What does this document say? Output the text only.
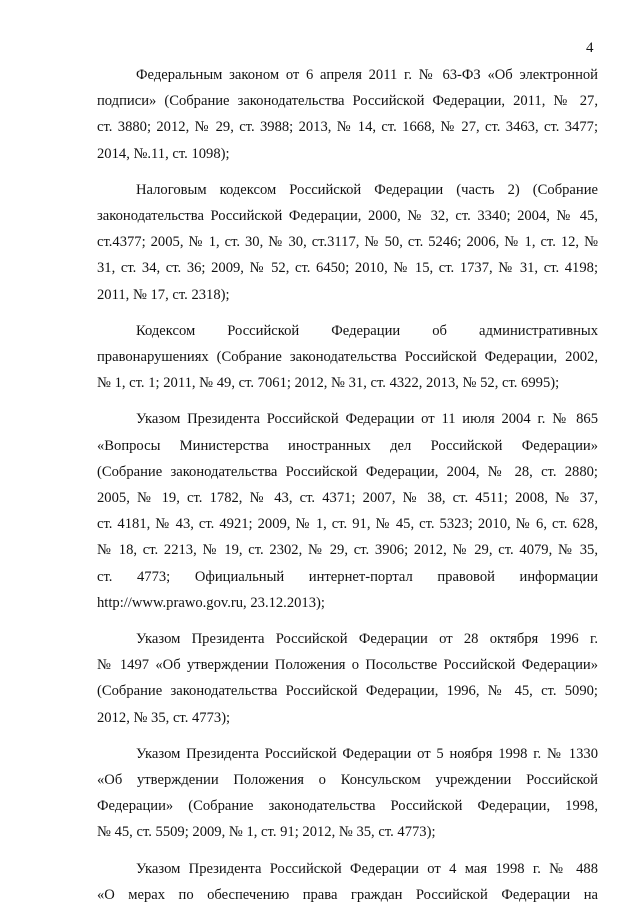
4

Федеральным законом от 6 апреля 2011 г. № 63-ФЗ «Об электронной
подписи» (Собрание законодательства Российской Федерации, 2011, № 27,
ст. 3880; 2012, № 29, ст. 3988; 2013, № 14, ст. 1668, № 27, ст. 3463, ст. 3477;
2014, №.11, ст. 1098);

Налоговым кодексом Российской Федерации (часть 2) (Собрание
законодательства Российской Федерации, 2000, № 32, ст. 3340; 2004, № 45,
ст.4377; 2005, № 1, ст. 30, № 30, ст.3117, № 50, ст. 5246; 2006, № 1, ст. 12, №
31, ст. 34, ст. 36; 2009, № 52, ст. 6450; 2010, № 15, ст. 1737, № 31, ст. 4198;
2011, № 17, ст. 2318);

Кодексом Российской Федерации об административных
правонарушениях (Собрание законодательства Российской Федерации, 2002,
№ 1, ст. 1; 2011, № 49, ст. 7061; 2012, № 31, ст. 4322, 2013, № 52, ст. 6995);

Указом Президента Российской Федерации от 11 июля 2004 г. № 865
«Вопросы Министерства иностранных дел Российской Федерации»
(Собрание законодательства Российской Федерации, 2004, № 28, ст. 2880;
2005, № 19, ст. 1782, № 43, ст. 4371; 2007, № 38, ст. 4511; 2008, № 37,
ст. 4181, № 43, ст. 4921; 2009, № 1, ст. 91, № 45, ст. 5323; 2010, № 6, ст. 628,
№ 18, ст. 2213, № 19, ст. 2302, № 29, ст. 3906; 2012, № 29, ст. 4079, № 35,
ст. 4773; Официальный интернет-портал правовой информации
http://www.prawo.gov.ru, 23.12.2013);

Указом Президента Российской Федерации от 28 октября 1996 г.
№ 1497 «Об утверждении Положения о Посольстве Российской Федерации»
(Собрание законодательства Российской Федерации, 1996, № 45, ст. 5090;
2012, № 35, ст. 4773);

Указом Президента Российской Федерации от 5 ноября 1998 г. № 1330
«Об утверждении Положения о Консульском учреждении Российской
Федерации» (Собрание законодательства Российской Федерации, 1998,
№ 45, ст. 5509; 2009, № 1, ст. 91; 2012, № 35, ст. 4773);

Указом Президента Российской Федерации от 4 мая 1998 г. № 488
«О мерах по обеспечению права граждан Российской Федерации на
